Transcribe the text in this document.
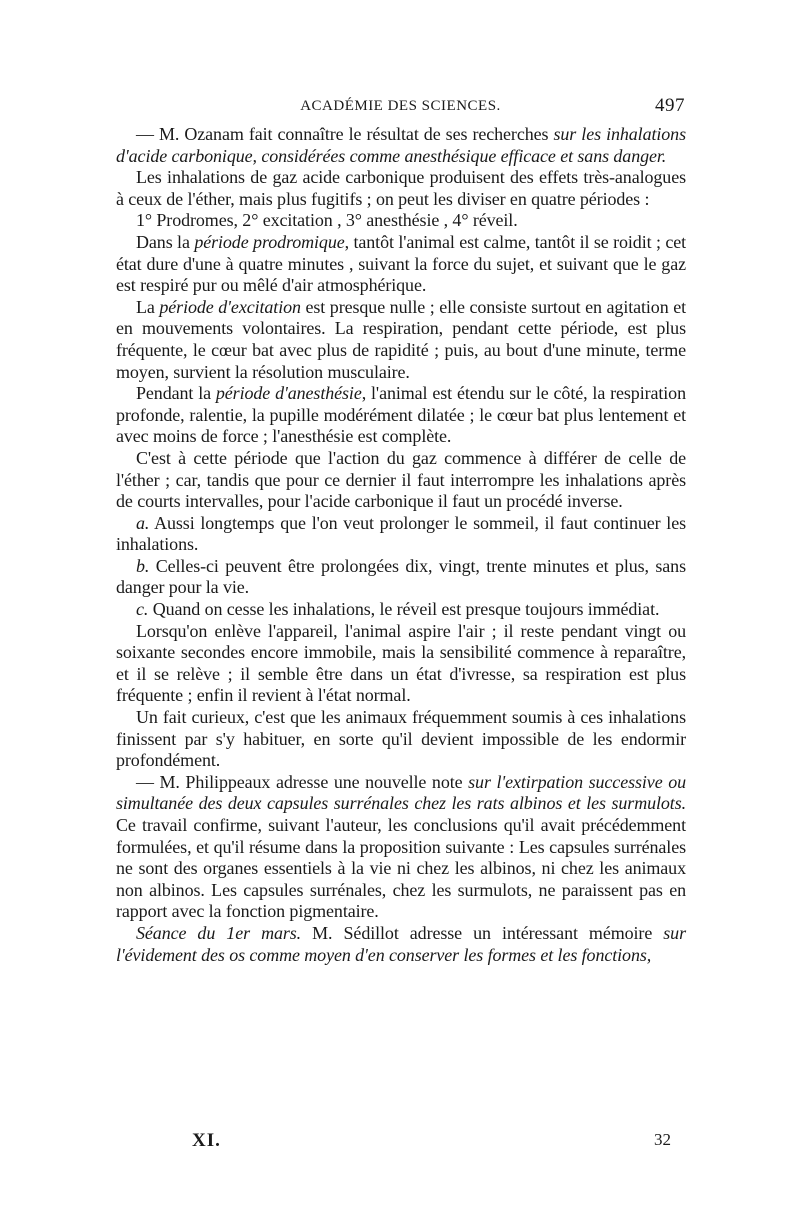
ACADÉMIE DES SCIENCES.	497

— M. Ozanam fait connaître le résultat de ses recherches sur les inhalations d'acide carbonique, considérées comme anesthésique efficace et sans danger.

Les inhalations de gaz acide carbonique produisent des effets très-analogues à ceux de l'éther, mais plus fugitifs ; on peut les diviser en quatre périodes :

1° Prodromes, 2° excitation , 3° anesthésie , 4° réveil.

Dans la période prodromique, tantôt l'animal est calme, tantôt il se roidit ; cet état dure d'une à quatre minutes , suivant la force du sujet, et suivant que le gaz est respiré pur ou mêlé d'air atmosphérique.

La période d'excitation est presque nulle ; elle consiste surtout en agitation et en mouvements volontaires. La respiration, pendant cette période, est plus fréquente, le cœur bat avec plus de rapidité ; puis, au bout d'une minute, terme moyen, survient la résolution musculaire.

Pendant la période d'anesthésie, l'animal est étendu sur le côté, la respiration profonde, ralentie, la pupille modérément dilatée ; le cœur bat plus lentement et avec moins de force ; l'anesthésie est complète.

C'est à cette période que l'action du gaz commence à différer de celle de l'éther ; car, tandis que pour ce dernier il faut interrompre les inhalations après de courts intervalles, pour l'acide carbonique il faut un procédé inverse.

a. Aussi longtemps que l'on veut prolonger le sommeil, il faut continuer les inhalations.

b. Celles-ci peuvent être prolongées dix, vingt, trente minutes et plus, sans danger pour la vie.

c. Quand on cesse les inhalations, le réveil est presque toujours immédiat.

Lorsqu'on enlève l'appareil, l'animal aspire l'air ; il reste pendant vingt ou soixante secondes encore immobile, mais la sensibilité commence à reparaître, et il se relève ; il semble être dans un état d'ivresse, sa respiration est plus fréquente ; enfin il revient à l'état normal.

Un fait curieux, c'est que les animaux fréquemment soumis à ces inhalations finissent par s'y habituer, en sorte qu'il devient impossible de les endormir profondément.

— M. Philippeaux adresse une nouvelle note sur l'extirpation successive ou simultanée des deux capsules surrénales chez les rats albinos et les surmulots. Ce travail confirme, suivant l'auteur, les conclusions qu'il avait précédemment formulées, et qu'il résume dans la proposition suivante : Les capsules surrénales ne sont des organes essentiels à la vie ni chez les albinos, ni chez les animaux non albinos. Les capsules surrénales, chez les surmulots, ne paraissent pas en rapport avec la fonction pigmentaire.

Séance du 1er mars. M. Sédillot adresse un intéressant mémoire sur l'évidement des os comme moyen d'en conserver les formes et les fonctions,

XI.	32
